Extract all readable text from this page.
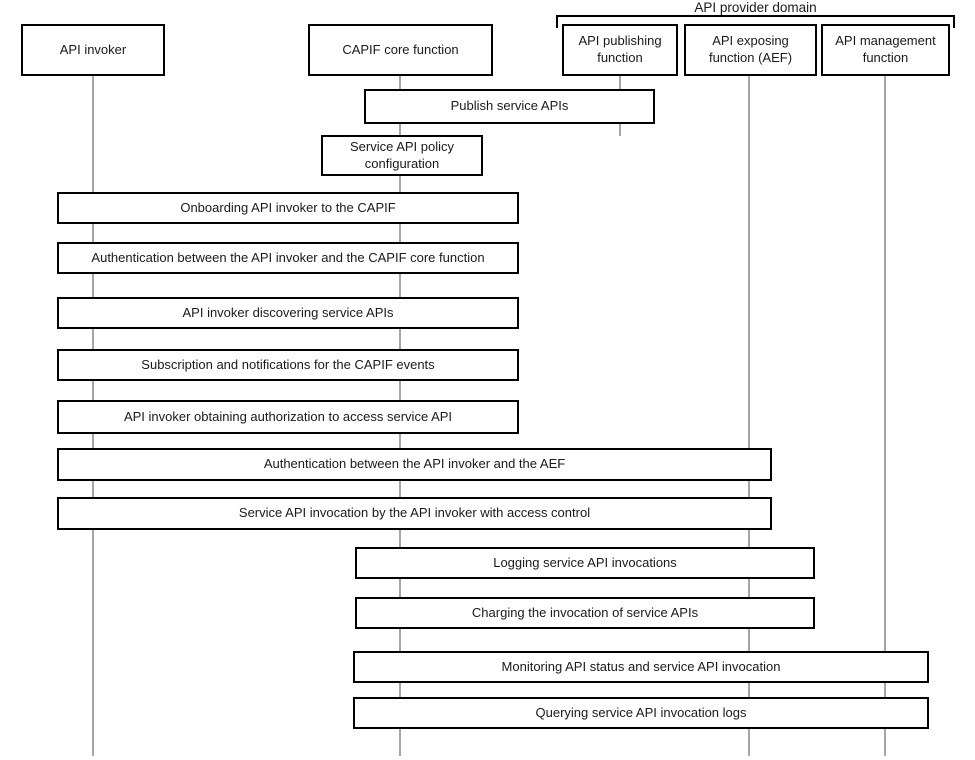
API provider domain
API invoker	CAPIF core function
API publishing function
API exposing function (AEF)
API management function
Publish service APIs
Service API policy configuration
Onboarding API invoker to the CAPIF
Authentication between the API invoker and the CAPIF core function
API invoker discovering service APIs
Subscription and notifications for the CAPIF events
API invoker obtaining authorization to access service API
Authentication between the API invoker and the AEF
Service API invocation by the API invoker with access control
Logging service API invocations
Charging the invocation of service APIs
Monitoring API status and service API invocation
Querying service API invocation logs
